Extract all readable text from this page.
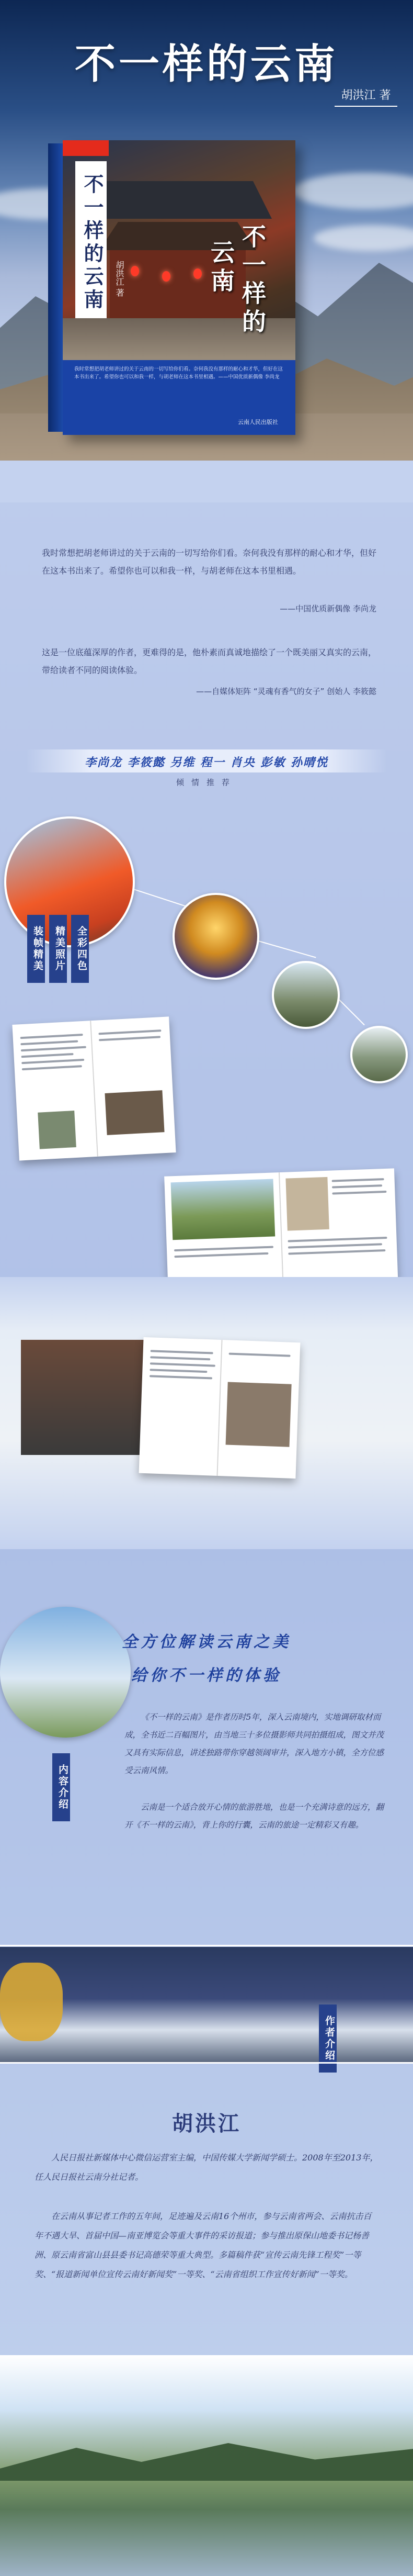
不一样的云南
胡洪江 著
不一样的云南	胡洪江 著	不一样的
云南
我时常想把胡老师讲过的关于云南的一切写给你们看。奈何我没有那样的耐心和才华，但好在这本书出来了。希望你也可以和我一样，与胡老师在这本书里相遇。——中国优质新偶像 李尚龙
云南人民出版社
我时常想把胡老师讲过的关于云南的一切写给你们看。奈何我没有那样的耐心和才华，但好在这本书出来了。希望你也可以和我一样，与胡老师在这本书里相遇。
——中国优质新偶像 李尚龙
这是一位底蕴深厚的作者，更难得的是，他朴素而真诚地描绘了一个既美丽又真实的云南，带给读者不同的阅读体验。
——自媒体矩阵 “灵魂有香气的女子” 创始人 李筱懿
李尚龙 李筱懿 另维 程一 肖央 彭敏 孙晴悦
倾情推荐
装帧精美	精美照片	全彩四色
内容介绍
全方位解读云南之美
给你不一样的体验
《不一样的云南》是作者历时5年，深入云南境内，实地调研取材而成，全书近二百幅图片，由当地三十多位摄影师共同拍摄组成，图文并茂又具有实际信息，讲述独路带你穿越领阔审井，深入地方小镇，全方位感受云南风情。
云南是一个适合放开心情的旅游胜地，也是一个充满诗意的远方，翻开《不一样的云南》，背上你的行囊，云南的旅途一定精彩又有趣。
作者介绍
胡洪江
人民日报社新媒体中心微信运营室主编，中国传媒大学新闻学硕士。2008年至2013年，任人民日报社云南分社记者。
在云南从事记者工作的五年间，足迹遍及云南16个州市，参与云南省两会、云南抗击百年不遇大旱、首届中国—南亚博览会等重大事件的采访报道；参与推出原保山地委书记杨善洲、原云南省富山县县委书记高德荣等重大典型。多篇稿件获“宣传云南先锋工程奖”一等奖、“报道新闻单位宣传云南好新闻奖”一等奖、“云南省组织工作宣传好新闻”一等奖。
